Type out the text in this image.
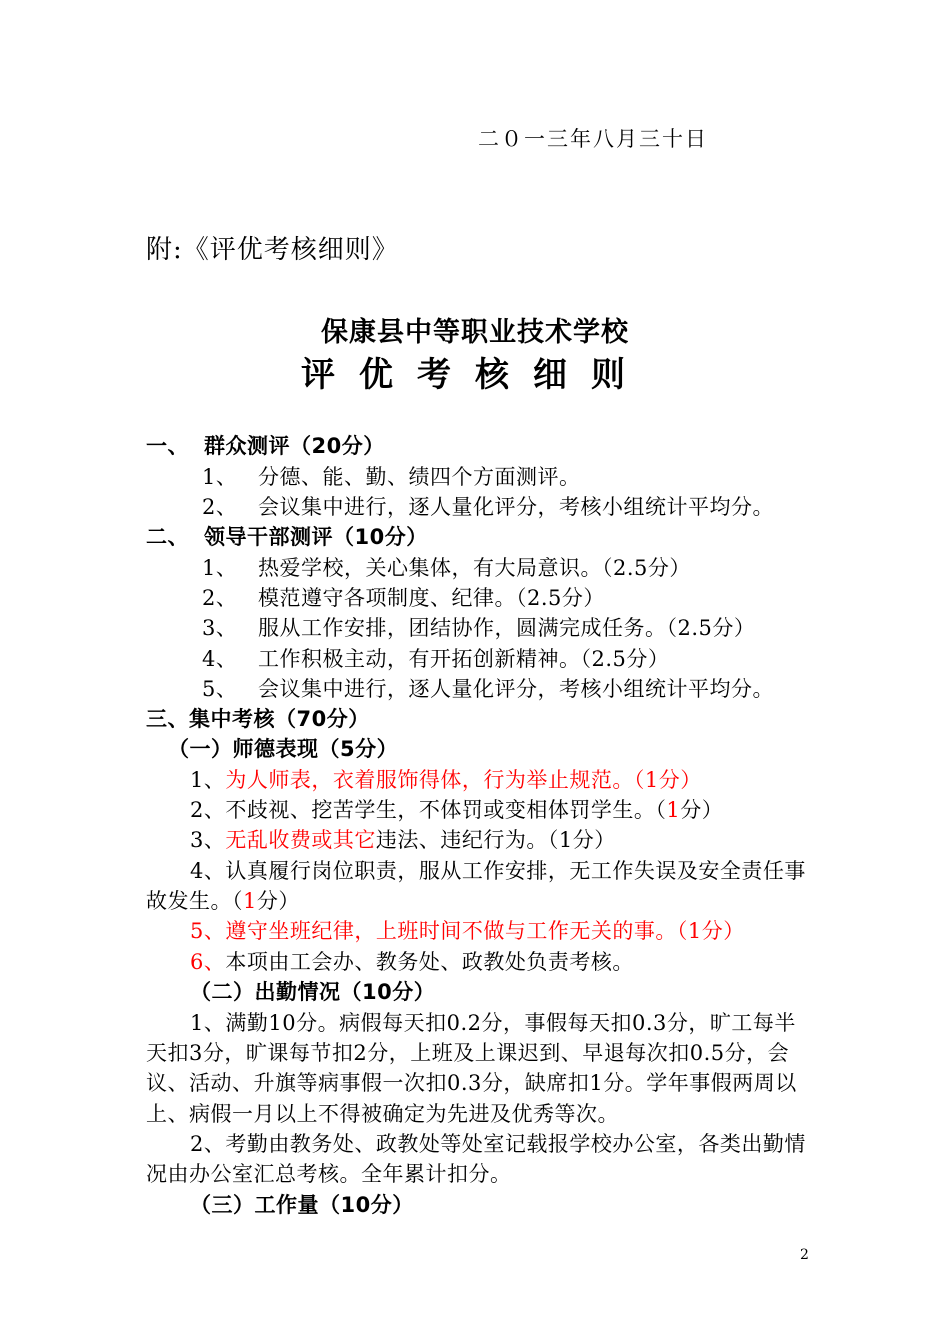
二０一三年八月三十日
附:《评优考核细则》
保康县中等职业技术学校
评优考核细则
一、 群众测评（20分）
1、 分德、能、勤、绩四个方面测评。
2、 会议集中进行，逐人量化评分，考核小组统计平均分。
二、 领导干部测评（10分）
1、 热爱学校，关心集体，有大局意识。（2.5分）
2、 模范遵守各项制度、纪律。（2.5分）
3、 服从工作安排，团结协作，圆满完成任务。（2.5分）
4、 工作积极主动，有开拓创新精神。（2.5分）
5、 会议集中进行，逐人量化评分，考核小组统计平均分。
三、集中考核（70分）
（一）师德表现（5分）
1、为人师表，衣着服饰得体，行为举止规范。（1分）
2、不歧视、挖苦学生，不体罚或变相体罚学生。（1分）
3、无乱收费或其它违法、违纪行为。（1分）
4、认真履行岗位职责，服从工作安排，无工作失误及安全责任事
故发生。（1分）
5、遵守坐班纪律，上班时间不做与工作无关的事。（1分）
6、本项由工会办、教务处、政教处负责考核。
（二）出勤情况（10分）
1、满勤10分。病假每天扣0.2分，事假每天扣0.3分，旷工每半
天扣3分，旷课每节扣2分，上班及上课迟到、早退每次扣0.5分，会
议、活动、升旗等病事假一次扣0.3分，缺席扣1分。学年事假两周以
上、病假一月以上不得被确定为先进及优秀等次。
2、考勤由教务处、政教处等处室记载报学校办公室，各类出勤情
况由办公室汇总考核。全年累计扣分。
（三）工作量（10分）
2
